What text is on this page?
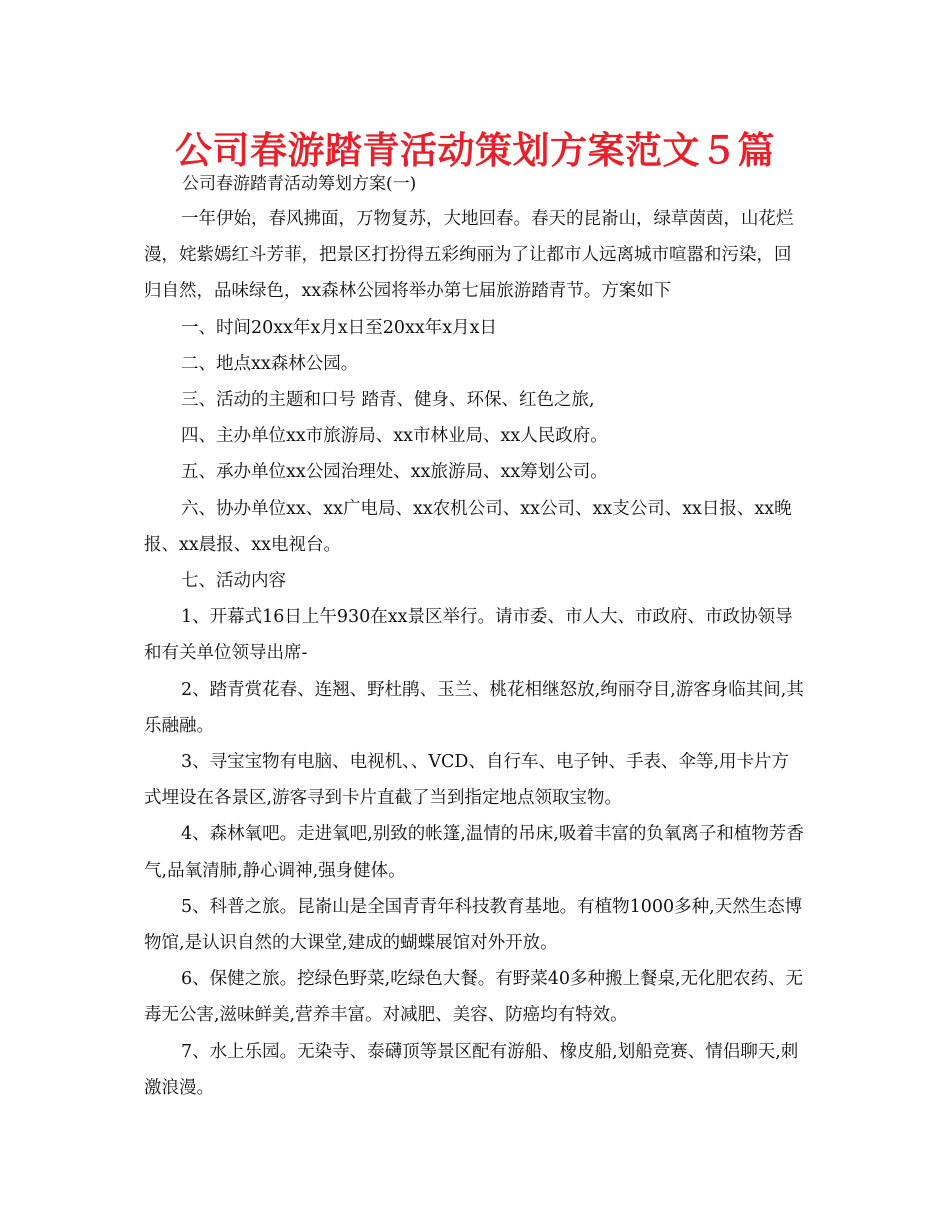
公司春游踏青活动策划方案范文５篇
公司春游踏青活动筹划方案(一)

一年伊始，春风拂面，万物复苏，大地回春。春天的昆嵛山，绿草茵茵，山花烂漫，姹紫嫣红斗芳菲，把景区打扮得五彩绚丽为了让都市人远离城市喧嚣和污染，回归自然，品味绿色，xx森林公园将举办第七届旅游踏青节。方案如下

一、时间20xx年x月x日至20xx年x月x日

二、地点xx森林公园。

三、活动的主题和口号 踏青、健身、环保、红色之旅,

四、主办单位xx市旅游局、xx市林业局、xx人民政府。

五、承办单位xx公园治理处、xx旅游局、xx筹划公司。

六、协办单位xx、xx广电局、xx农机公司、xx公司、xx支公司、xx日报、xx晚报、xx晨报、xx电视台。

七、活动内容

1、开幕式16日上午930在xx景区举行。请市委、市人大、市政府、市政协领导和有关单位领导出席-

2、踏青赏花春、连翘、野杜鹃、玉兰、桃花相继怒放,绚丽夺目,游客身临其间,其乐融融。

3、寻宝宝物有电脑、电视机、、VCD、自行车、电子钟、手表、伞等,用卡片方式埋设在各景区,游客寻到卡片直截了当到指定地点领取宝物。

4、森林氧吧。走进氧吧,别致的帐篷,温情的吊床,吸着丰富的负氧离子和植物芳香气,品氧清肺,静心调神,强身健体。

5、科普之旅。昆嵛山是全国青青年科技教育基地。有植物1000多种,天然生态博物馆,是认识自然的大课堂,建成的蝴蝶展馆对外开放。

6、保健之旅。挖绿色野菜,吃绿色大餐。有野菜40多种搬上餐桌,无化肥农药、无毒无公害,滋味鲜美,营养丰富。对减肥、美容、防癌均有特效。

7、水上乐园。无染寺、泰礴顶等景区配有游船、橡皮船,划船竞赛、情侣聊天,刺激浪漫。
